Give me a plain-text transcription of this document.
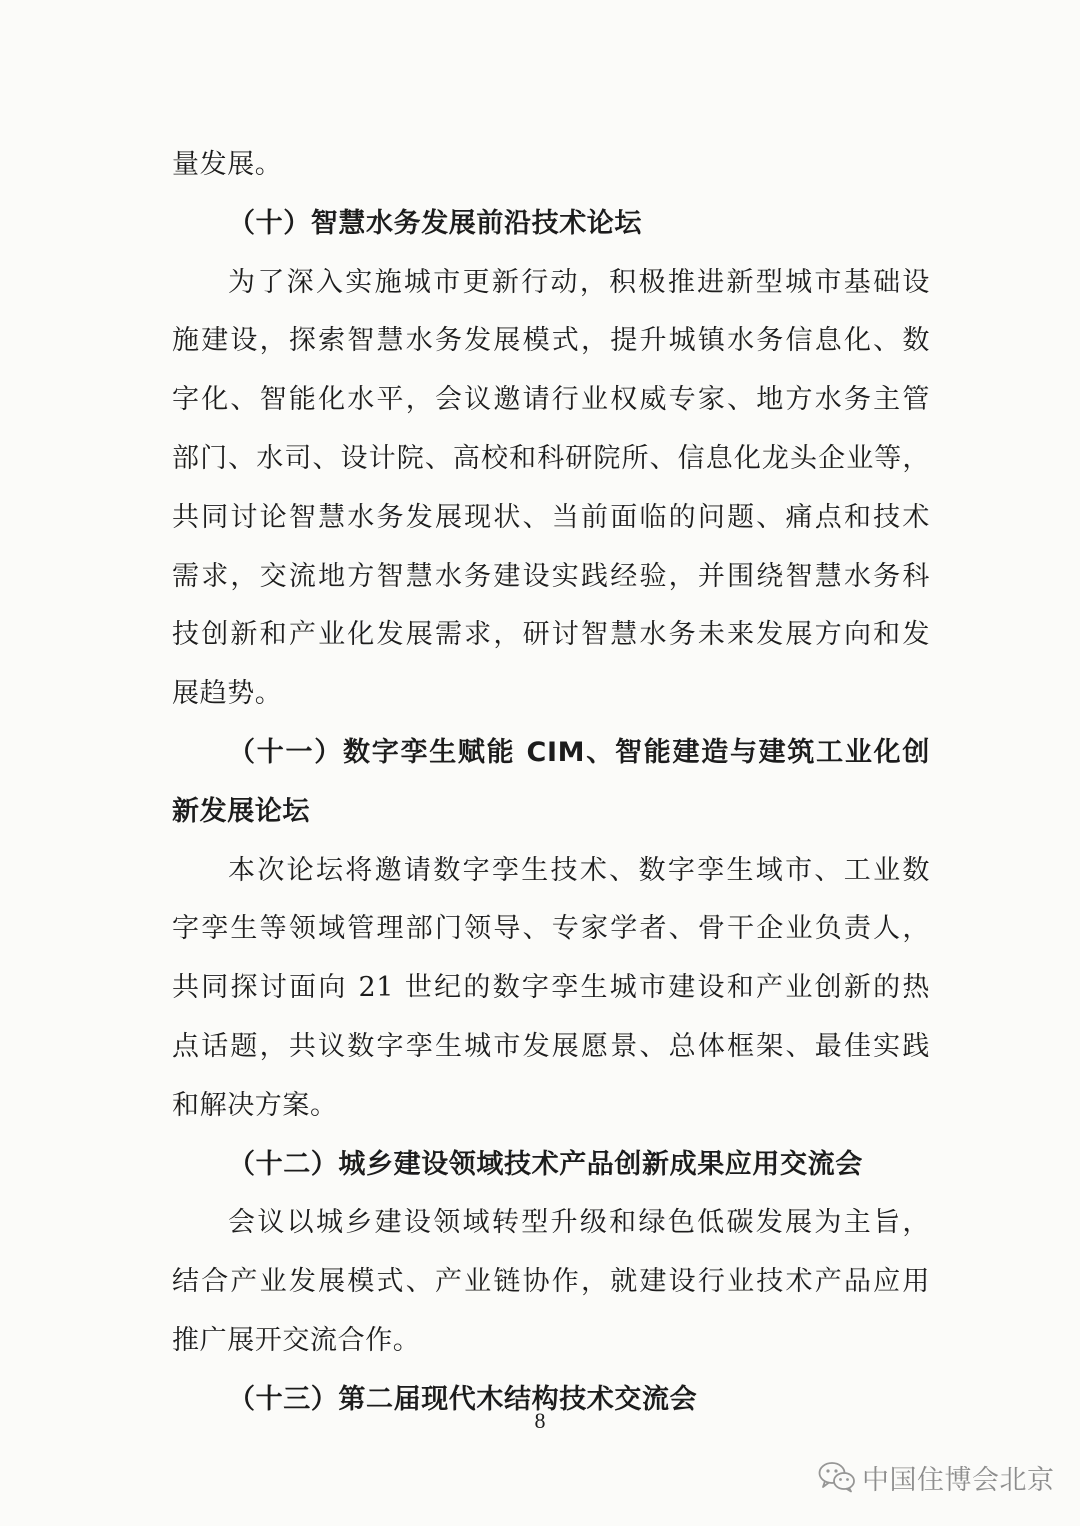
量发展。
（十）智慧水务发展前沿技术论坛
为了深入实施城市更新行动，积极推进新型城市基础设
施建设，探索智慧水务发展模式，提升城镇水务信息化、数
字化、智能化水平，会议邀请行业权威专家、地方水务主管
部门、水司、设计院、高校和科研院所、信息化龙头企业等，
共同讨论智慧水务发展现状、当前面临的问题、痛点和技术
需求，交流地方智慧水务建设实践经验，并围绕智慧水务科
技创新和产业化发展需求，研讨智慧水务未来发展方向和发
展趋势。
（十一）数字孪生赋能 CIM、智能建造与建筑工业化创
新发展论坛
本次论坛将邀请数字孪生技术、数字孪生域市、工业数
字孪生等领域管理部门领导、专家学者、骨干企业负责人，
共同探讨面向 21 世纪的数字孪生城市建设和产业创新的热
点话题，共议数字孪生城市发展愿景、总体框架、最佳实践
和解决方案。
（十二）城乡建设领域技术产品创新成果应用交流会
会议以城乡建设领域转型升级和绿色低碳发展为主旨，
结合产业发展模式、产业链协作，就建设行业技术产品应用
推广展开交流合作。
（十三）第二届现代木结构技术交流会
8
中国住博会北京
